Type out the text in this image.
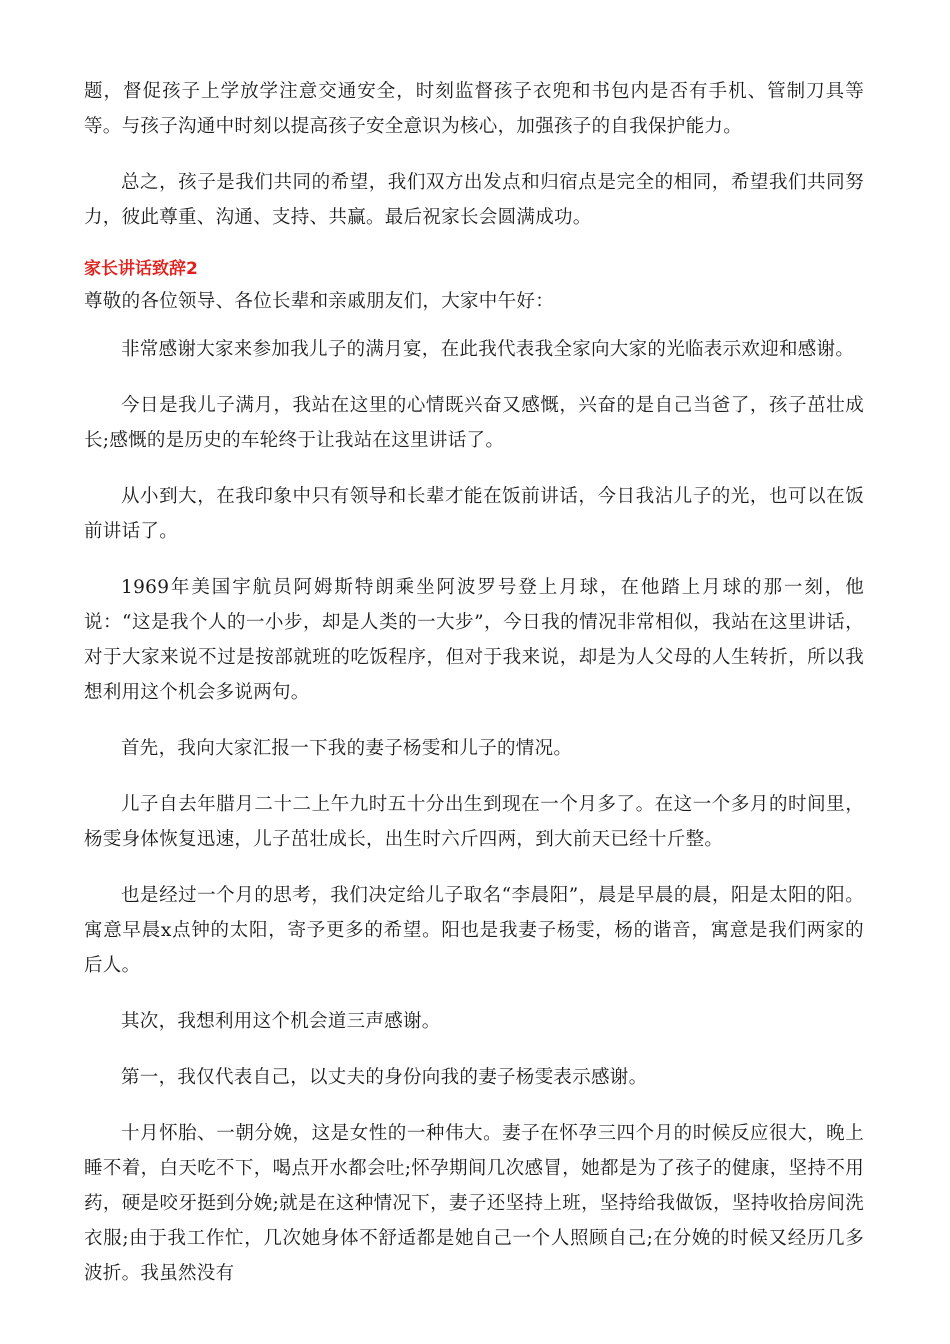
题，督促孩子上学放学注意交通安全，时刻监督孩子衣兜和书包内是否有手机、管制刀具等等。与孩子沟通中时刻以提高孩子安全意识为核心，加强孩子的自我保护能力。

总之，孩子是我们共同的希望，我们双方出发点和归宿点是完全的相同，希望我们共同努力，彼此尊重、沟通、支持、共赢。最后祝家长会圆满成功。

家长讲话致辞2

尊敬的各位领导、各位长辈和亲戚朋友们，大家中午好：

非常感谢大家来参加我儿子的满月宴，在此我代表我全家向大家的光临表示欢迎和感谢。

今日是我儿子满月，我站在这里的心情既兴奋又感慨，兴奋的是自己当爸了，孩子茁壮成长;感慨的是历史的车轮终于让我站在这里讲话了。

从小到大，在我印象中只有领导和长辈才能在饭前讲话，今日我沾儿子的光，也可以在饭前讲话了。

1969年美国宇航员阿姆斯特朗乘坐阿波罗号登上月球，在他踏上月球的那一刻，他说：“这是我个人的一小步，却是人类的一大步”，今日我的情况非常相似，我站在这里讲话，对于大家来说不过是按部就班的吃饭程序，但对于我来说，却是为人父母的人生转折，所以我想利用这个机会多说两句。

首先，我向大家汇报一下我的妻子杨雯和儿子的情况。

儿子自去年腊月二十二上午九时五十分出生到现在一个月多了。在这一个多月的时间里，杨雯身体恢复迅速，儿子茁壮成长，出生时六斤四两，到大前天已经十斤整。

也是经过一个月的思考，我们决定给儿子取名“李晨阳”，晨是早晨的晨，阳是太阳的阳。寓意早晨x点钟的太阳，寄予更多的希望。阳也是我妻子杨雯，杨的谐音，寓意是我们两家的后人。

其次，我想利用这个机会道三声感谢。

第一，我仅代表自己，以丈夫的身份向我的妻子杨雯表示感谢。

十月怀胎、一朝分娩，这是女性的一种伟大。妻子在怀孕三四个月的时候反应很大，晚上睡不着，白天吃不下，喝点开水都会吐;怀孕期间几次感冒，她都是为了孩子的健康，坚持不用药，硬是咬牙挺到分娩;就是在这种情况下，妻子还坚持上班，坚持给我做饭，坚持收拾房间洗衣服;由于我工作忙，几次她身体不舒适都是她自己一个人照顾自己;在分娩的时候又经历几多波折。我虽然没有
